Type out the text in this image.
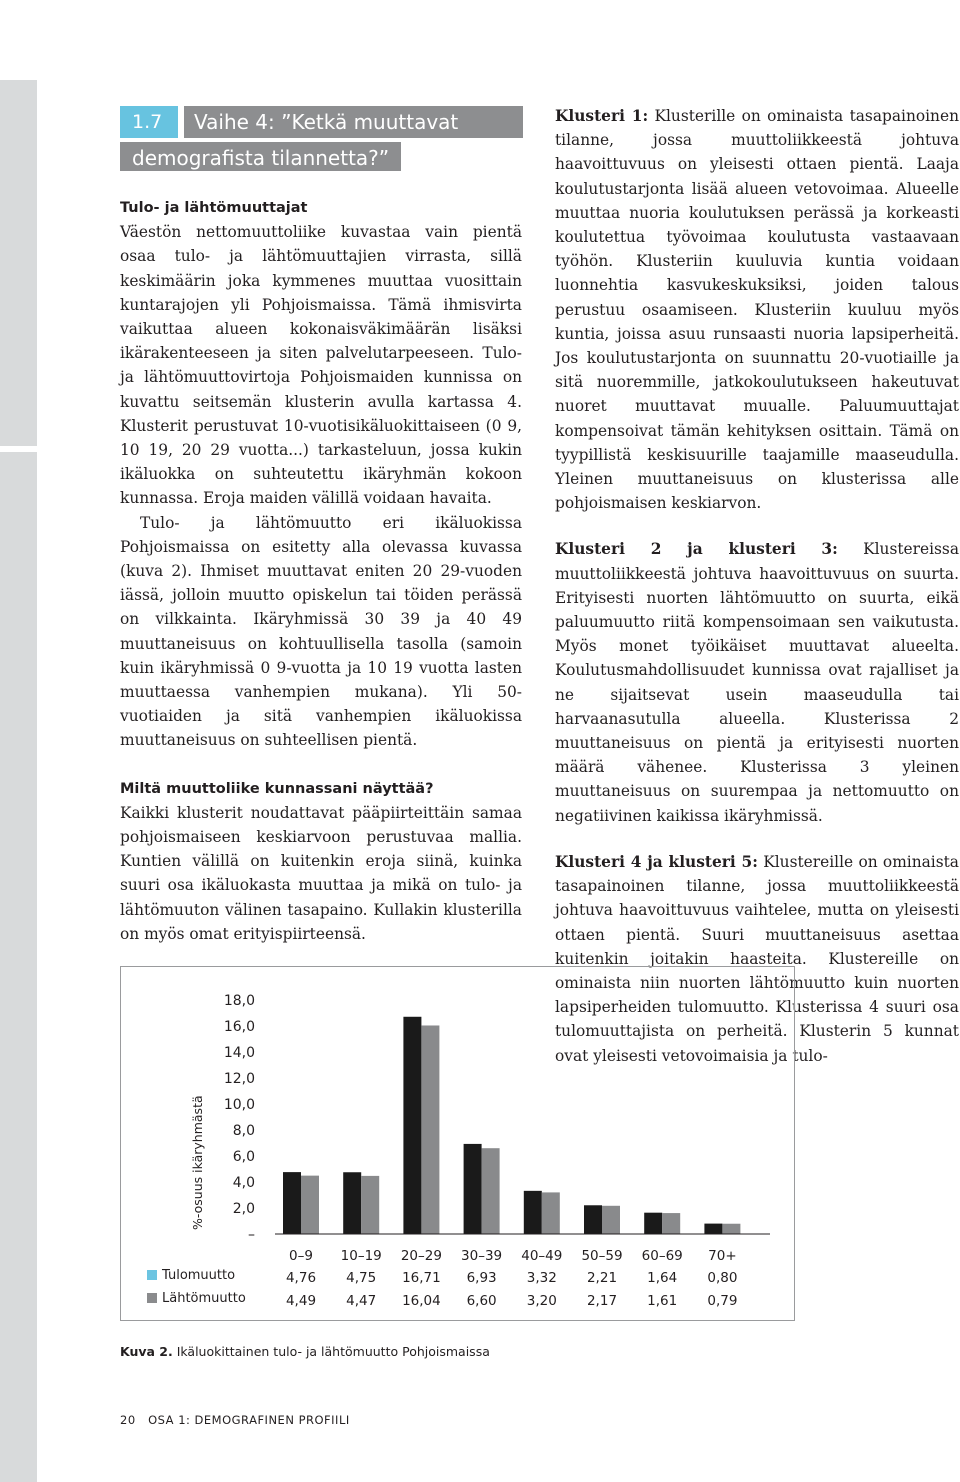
1.7	Vaihe 4: ”Ketkä muuttavat
demografista tilannetta?”
Tulo- ja lähtömuuttajat

Väestön nettomuuttoliike kuvastaa vain pientä osaa tulo- ja lähtömuuttajien virrasta, sillä keskimäärin joka kymmenes muuttaa vuosittain kuntarajojen yli Pohjoismaissa. Tämä ihmisvirta vaikuttaa alueen kokonaisväkimäärän lisäksi ikärakenteeseen ja siten palvelutarpeeseen. Tulo- ja lähtömuuttovirtoja Pohjoismaiden kunnissa on kuvattu seitsemän klusterin avulla kartassa 4. Klusterit perustuvat 10-vuotisikäluokittaiseen (0 9, 10 19, 20 29 vuotta...) tarkasteluun, jossa kukin ikäluokka on suhteutettu ikäryhmän kokoon kunnassa. Eroja maiden välillä voidaan havaita.

Tulo- ja lähtömuutto eri ikäluokissa Pohjoismaissa on esitetty alla olevassa kuvassa (kuva 2). Ihmiset muuttavat eniten 20 29-vuoden iässä, jolloin muutto opiskelun tai töiden perässä on vilkkainta. Ikäryhmissä 30 39 ja 40 49 muuttaneisuus on kohtuullisella tasolla (samoin kuin ikäryhmissä 0 9-vuotta ja 10 19 vuotta lasten muuttaessa vanhempien mukana). Yli 50-vuotiaiden ja sitä vanhempien ikäluokissa muuttaneisuus on suhteellisen pientä.

Miltä muuttoliike kunnassani näyttää?

Kaikki klusterit noudattavat pääpiirteittäin samaa pohjoismaiseen keskiarvoon perustuvaa mallia. Kuntien välillä on kuitenkin eroja siinä, kuinka suuri osa ikäluokasta muuttaa ja mikä on tulo- ja lähtömuuton välinen tasapaino. Kullakin klusterilla on myös omat erityispiirteensä.

Klusteri 1: Klusterille on ominaista tasapainoinen tilanne, jossa muuttoliikkeestä johtuva haavoittuvuus on yleisesti ottaen pientä. Laaja koulutustarjonta lisää alueen vetovoimaa. Alueelle muuttaa nuoria koulutuksen perässä ja korkeasti koulutettua työvoimaa koulutusta vastaavaan työhön. Klusteriin kuuluvia kuntia voidaan luonnehtia kasvukeskuksiksi, joiden talous perustuu osaamiseen. Klusteriin kuuluu myös kuntia, joissa asuu runsaasti nuoria lapsiperheitä. Jos koulutustarjonta on suunnattu 20-vuotiaille ja sitä nuoremmille, jatkokoulutukseen hakeutuvat nuoret muuttavat muualle. Paluumuuttajat kompensoivat tämän kehityksen osittain. Tämä on tyypillistä keskisuurille taajamille maaseudulla. Yleinen muuttaneisuus on klusterissa alle pohjoismaisen keskiarvon.

Klusteri 2 ja klusteri 3: Klustereissa muuttoliikkeestä johtuva haavoittuvuus on suurta. Erityisesti nuorten lähtömuutto on suurta, eikä paluumuutto riitä kompensoimaan sen vaikutusta. Myös monet työikäiset muuttavat alueelta. Koulutusmahdollisuudet kunnissa ovat rajalliset ja ne sijaitsevat usein maaseudulla tai harvaanasutulla alueella. Klusterissa 2 muuttaneisuus on pientä ja erityisesti nuorten määrä vähenee. Klusterissa 3 yleinen muuttaneisuus on suurempaa ja nettomuutto on negatiivinen kaikissa ikäryhmissä.

Klusteri 4 ja klusteri 5: Klustereille on ominaista tasapainoinen tilanne, jossa muuttoliikkeestä johtuva haavoittuvuus vaihtelee, mutta on yleisesti ottaen pientä. Suuri muuttaneisuus asettaa kuitenkin joitakin haasteita. Klustereille on ominaista niin nuorten lähtömuutto kuin nuorten lapsiperheiden tulomuutto. Klusterissa 4 suuri osa tulomuuttajista on perheitä. Klusterin 5 kunnat ovat yleisesti vetovoimaisia ja tulo-

%-osuus ikäryhmästä
18,0
16,0
14,0
12,0
10,0
8,0
6,0
4,0
2,0
–
0–9
4,76
4,49
10–19
4,75
4,47
20–29
16,71
16,04
30–39
6,93
6,60
40–49
3,32
3,20
50–59
2,21
2,17
60–69
1,64
1,61
70+
0,80
0,79
Tulomuutto
Lähtömuutto
Kuva 2. Ikäluokittainen tulo- ja lähtömuutto Pohjoismaissa
20 OSA 1: DEMOGRAFINEN PROFIILI
